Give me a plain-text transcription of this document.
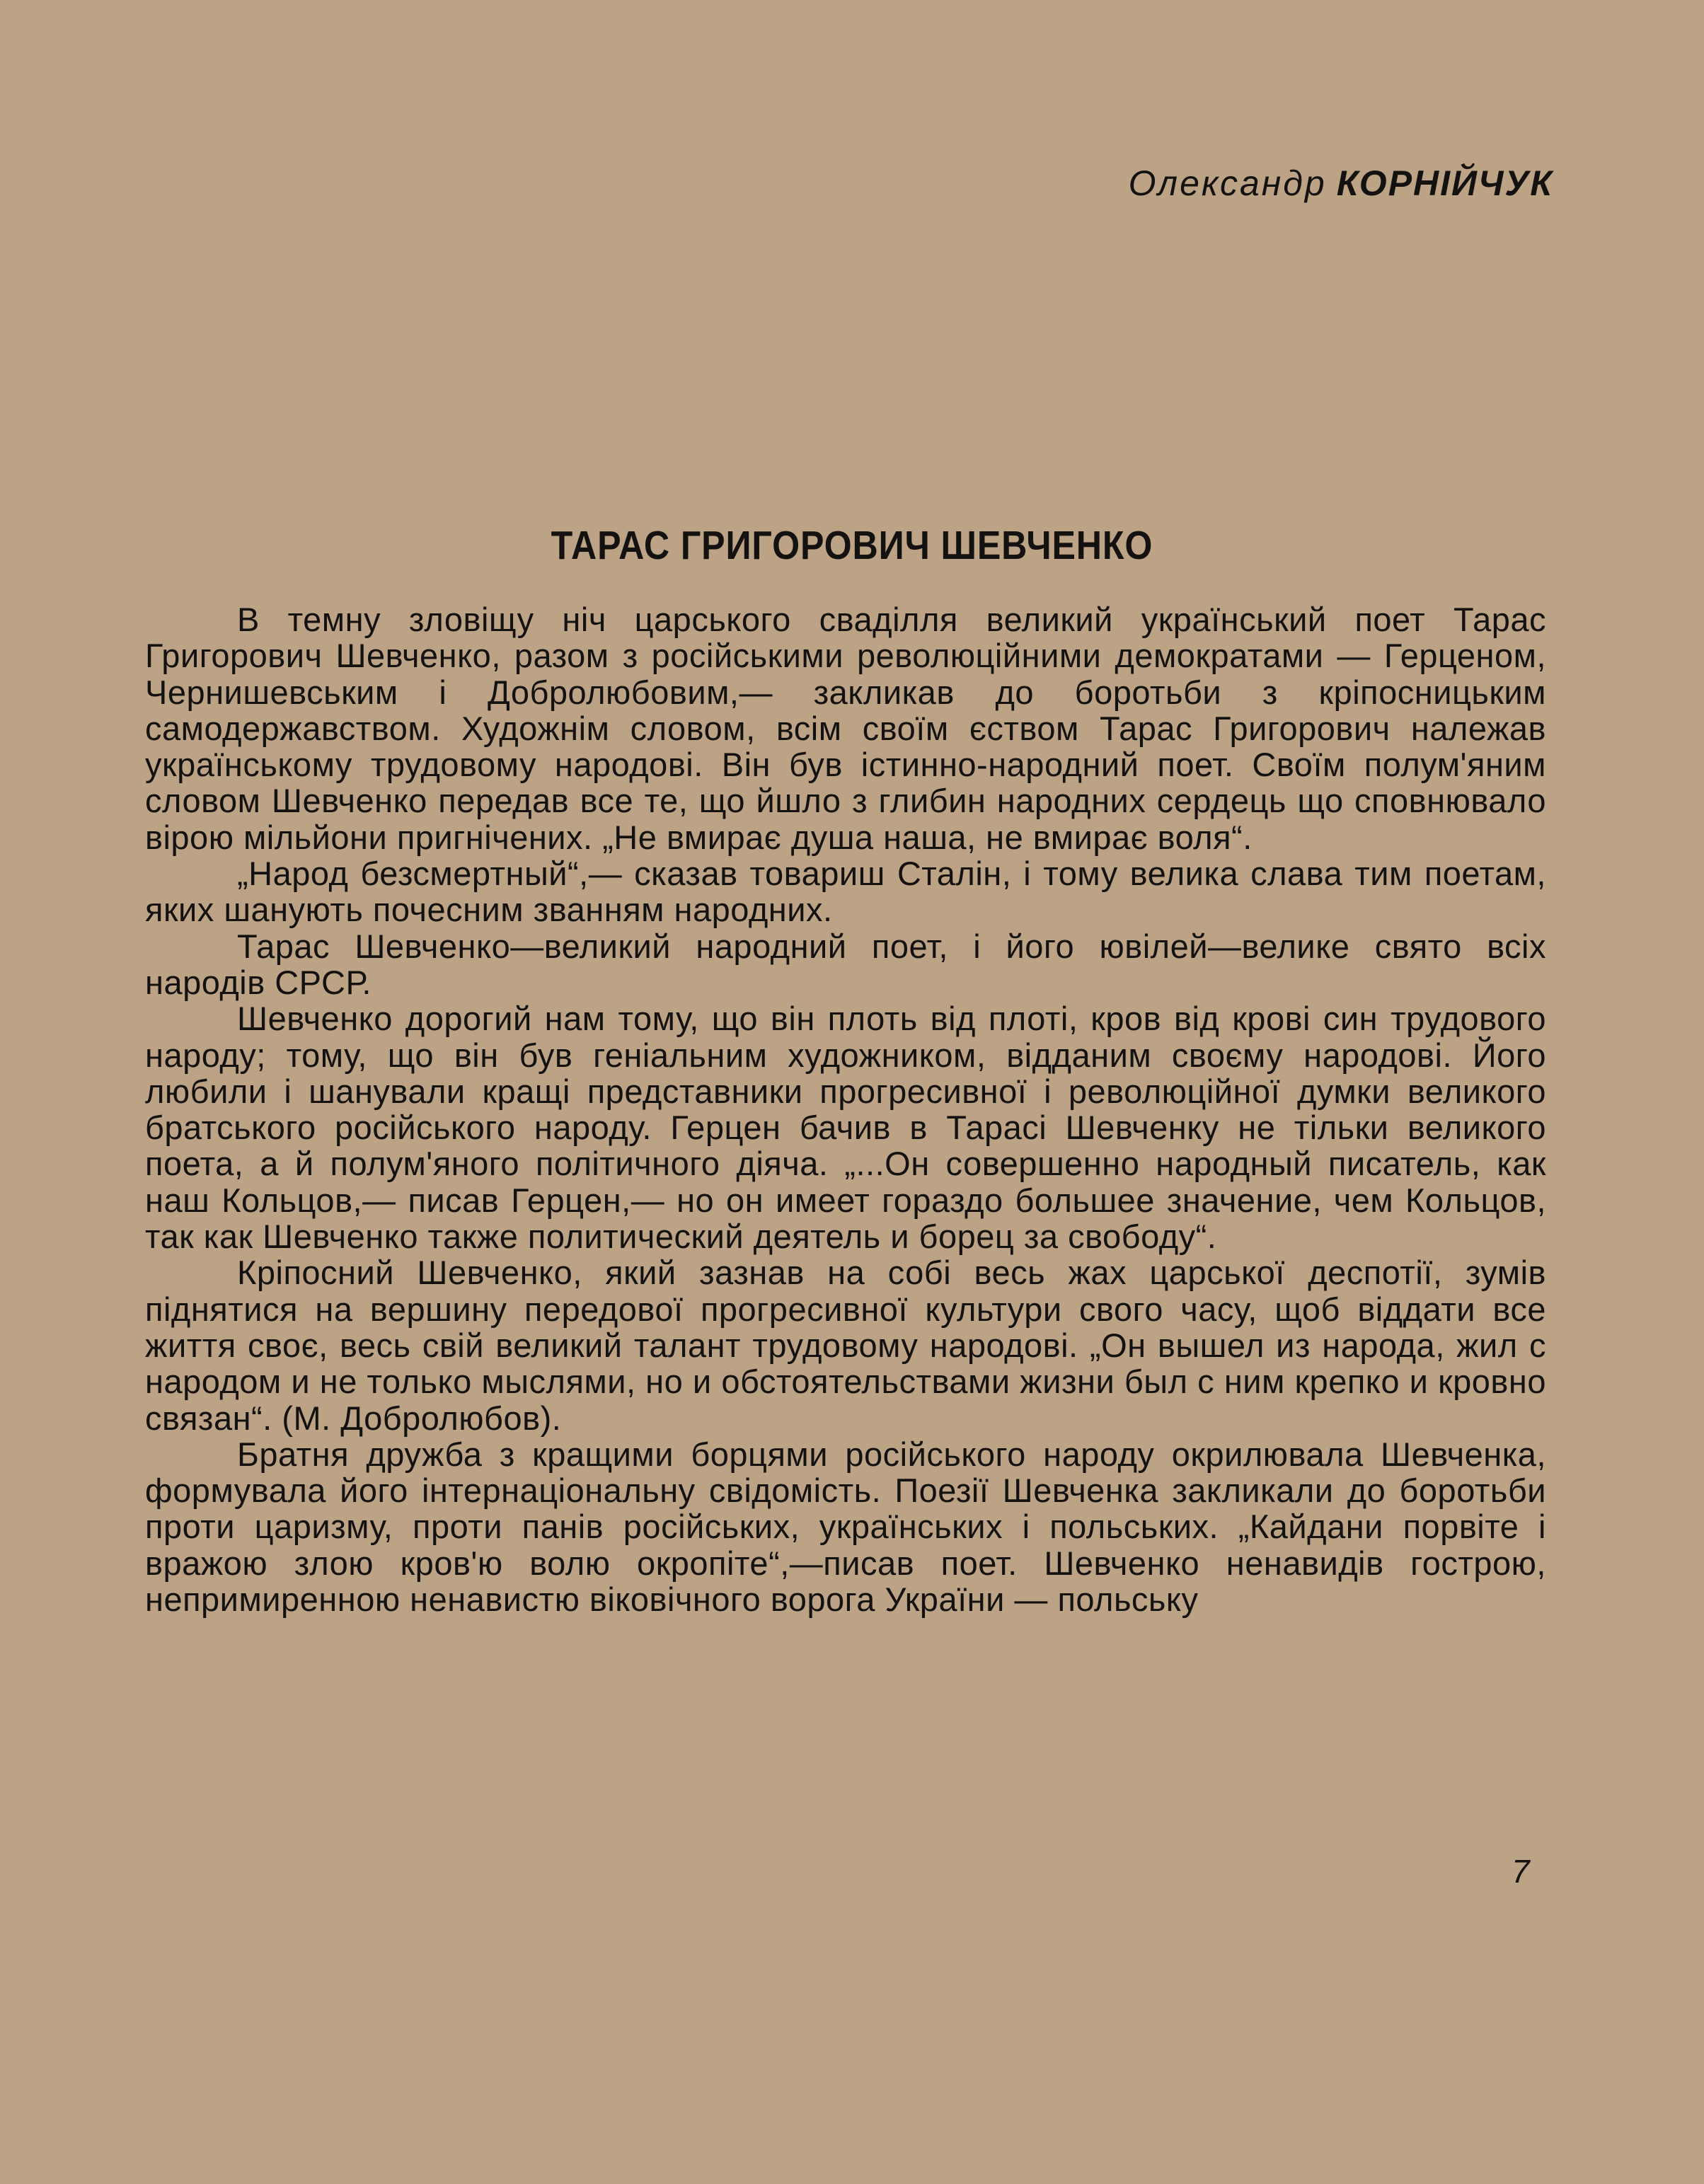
Олександр КОРНІЙЧУК
ТАРАС ГРИГОРОВИЧ ШЕВЧЕНКО

В темну зловіщу ніч царського сваділля великий український поет Тарас Григорович Шевченко, разом з російськими революційними демократами — Герценом, Чернишевським і Добролюбовим,— закликав до боротьби з кріпосницьким самодержавством. Художнім словом, всім своїм єством Тарас Григорович належав українському трудовому народові. Він був істинно-народний поет. Своїм полум'яним словом Шевченко передав все те, що йшло з глибин народних сердець що сповнювало вірою мільйони пригнічених. „Не вмирає душа наша, не вмирає воля“.

„Народ безсмертный“,— сказав товариш Сталін, і тому велика слава тим поетам, яких шанують почесним званням народних.

Тарас Шевченко—великий народний поет, і його ювілей—велике свято всіх народів СРСР.

Шевченко дорогий нам тому, що він плоть від плоті, кров від крові син трудового народу; тому, що він був геніальним художником, відданим своєму народові. Його любили і шанували кращі представники прогресивної і революційної думки великого братського російського народу. Герцен бачив в Тарасі Шевченку не тільки великого поета, а й полум'яного політичного діяча. „...Он совершенно народный писатель, как наш Кольцов,— писав Герцен,— но он имеет гораздо большее значение, чем Кольцов, так как Шевченко также политический деятель и борец за свободу“.

Кріпосний Шевченко, який зазнав на собі весь жах царської деспотії, зумів піднятися на вершину передової прогресивної культури свого часу, щоб віддати все життя своє, весь свій великий талант трудовому народові. „Он вышел из народа, жил с народом и не только мыслями, но и обстоятельствами жизни был с ним крепко и кровно связан“. (М. Добролюбов).

Братня дружба з кращими борцями російського народу окрилювала Шевченка, формувала його інтернаціональну свідомість. Поезії Шевченка закликали до боротьби проти царизму, проти панів російських, українських і польських. „Кайдани порвіте і вражою злою кров'ю волю окропіте“,—писав поет. Шевченко ненавидів гострою, непримиренною ненавистю віковічного ворога України — польську

7
